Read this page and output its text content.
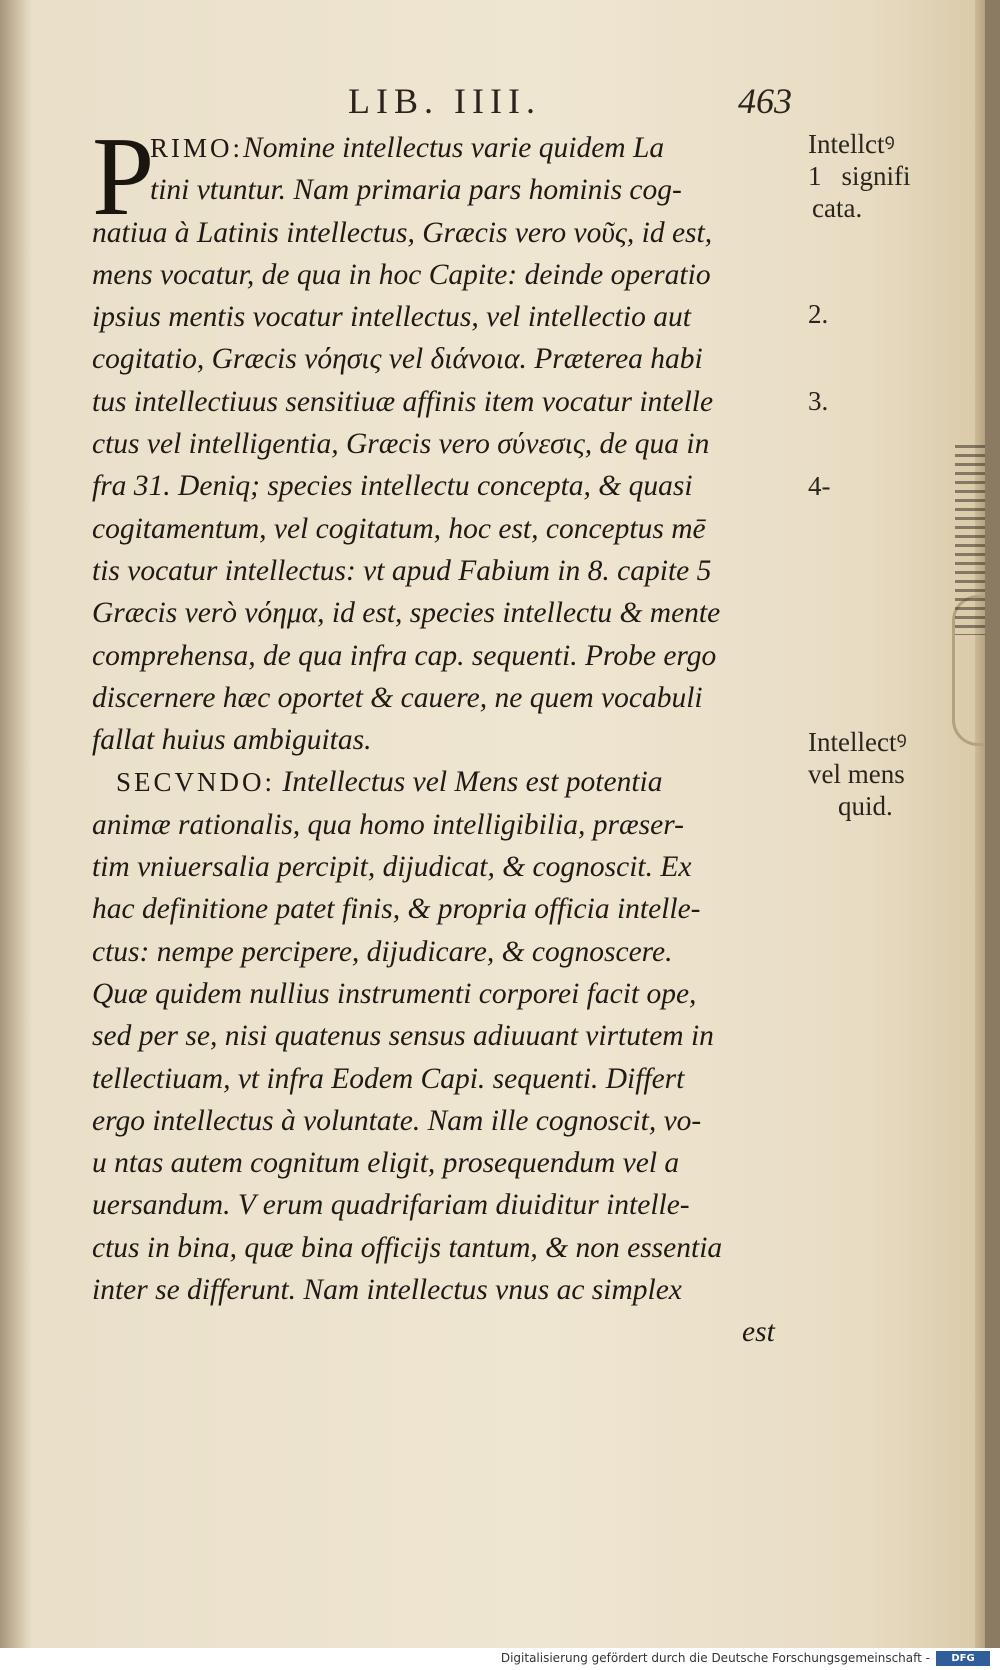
LIB. IIII.	463
P
RIMO:Nomine intellectus varie quidem La
tini vtuntur. Nam primaria pars hominis cog-
natiua à Latinis intellectus, Græcis vero νοῦς, id est,
mens vocatur, de qua in hoc Capite: deinde operatio
ipsius mentis vocatur intellectus, vel intellectio aut
cogitatio, Græcis νόησις vel διάνοια. Præterea habi
tus intellectiuus sensitiuæ affinis item vocatur intelle
ctus vel intelligentia, Græcis vero σύνεσις, de qua in
fra 31. Deniq; species intellectu concepta, & quasi
cogitamentum, vel cogitatum, hoc est, conceptus mē
tis vocatur intellectus: vt apud Fabium in 8. capite 5
Græcis verò νόημα, id est, species intellectu & mente
comprehensa, de qua infra cap. sequenti. Probe ergo
discernere hæc oportet & cauere, ne quem vocabuli
fallat huius ambiguitas.
SECVNDO: Intellectus vel Mens est potentia
animæ rationalis, qua homo intelligibilia, præser-
tim vniuersalia percipit, dijudicat, & cognoscit. Ex
hac definitione patet finis, & propria officia intelle-
ctus: nempe percipere, dijudicare, & cognoscere.
Quæ quidem nullius instrumenti corporei facit ope,
sed per se, nisi quatenus sensus adiuuant virtutem in
tellectiuam, vt infra Eodem Capi. sequenti. Differt
ergo intellectus à voluntate. Nam ille cognoscit, vo-
u ntas autem cognitum eligit, prosequendum vel a
uersandum. V erum quadrifariam diuiditur intelle-
ctus in bina, quæ bina officijs tantum, & non essentia
inter se differunt. Nam intellectus vnus ac simplex
est
Intellctꝰ
1 signifi
cata.
2.
3.
4-
Intellectꝰ
vel mens
quid.
Digitalisierung gefördert durch die Deutsche Forschungsgemeinschaft -	DFG
